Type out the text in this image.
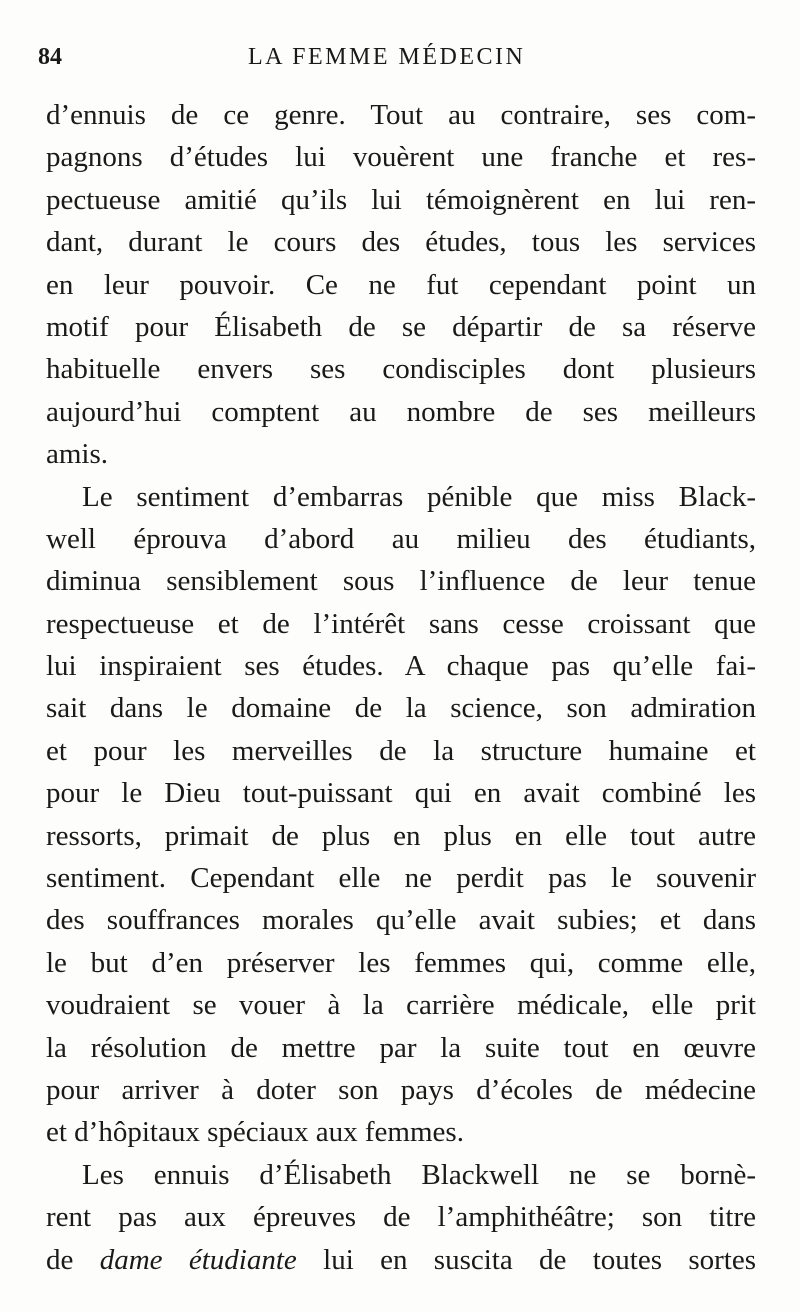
84	LA FEMME MÉDECIN
d’ennuis de ce genre. Tout au contraire, ses com-
pagnons d’études lui vouèrent une franche et res-
pectueuse amitié qu’ils lui témoignèrent en lui ren-
dant, durant le cours des études, tous les services
en leur pouvoir. Ce ne fut cependant point un
motif pour Élisabeth de se départir de sa réserve
habituelle envers ses condisciples dont plusieurs
aujourd’hui comptent au nombre de ses meilleurs
amis.
Le sentiment d’embarras pénible que miss Black-
well éprouva d’abord au milieu des étudiants,
diminua sensiblement sous l’influence de leur tenue
respectueuse et de l’intérêt sans cesse croissant que
lui inspiraient ses études. A chaque pas qu’elle fai-
sait dans le domaine de la science, son admiration
et pour les merveilles de la structure humaine et
pour le Dieu tout-puissant qui en avait combiné les
ressorts, primait de plus en plus en elle tout autre
sentiment. Cependant elle ne perdit pas le souvenir
des souffrances morales qu’elle avait subies; et dans
le but d’en préserver les femmes qui, comme elle,
voudraient se vouer à la carrière médicale, elle prit
la résolution de mettre par la suite tout en œuvre
pour arriver à doter son pays d’écoles de médecine
et d’hôpitaux spéciaux aux femmes.
Les ennuis d’Élisabeth Blackwell ne se bornè-
rent pas aux épreuves de l’amphithéâtre; son titre
de dame étudiante lui en suscita de toutes sortes
